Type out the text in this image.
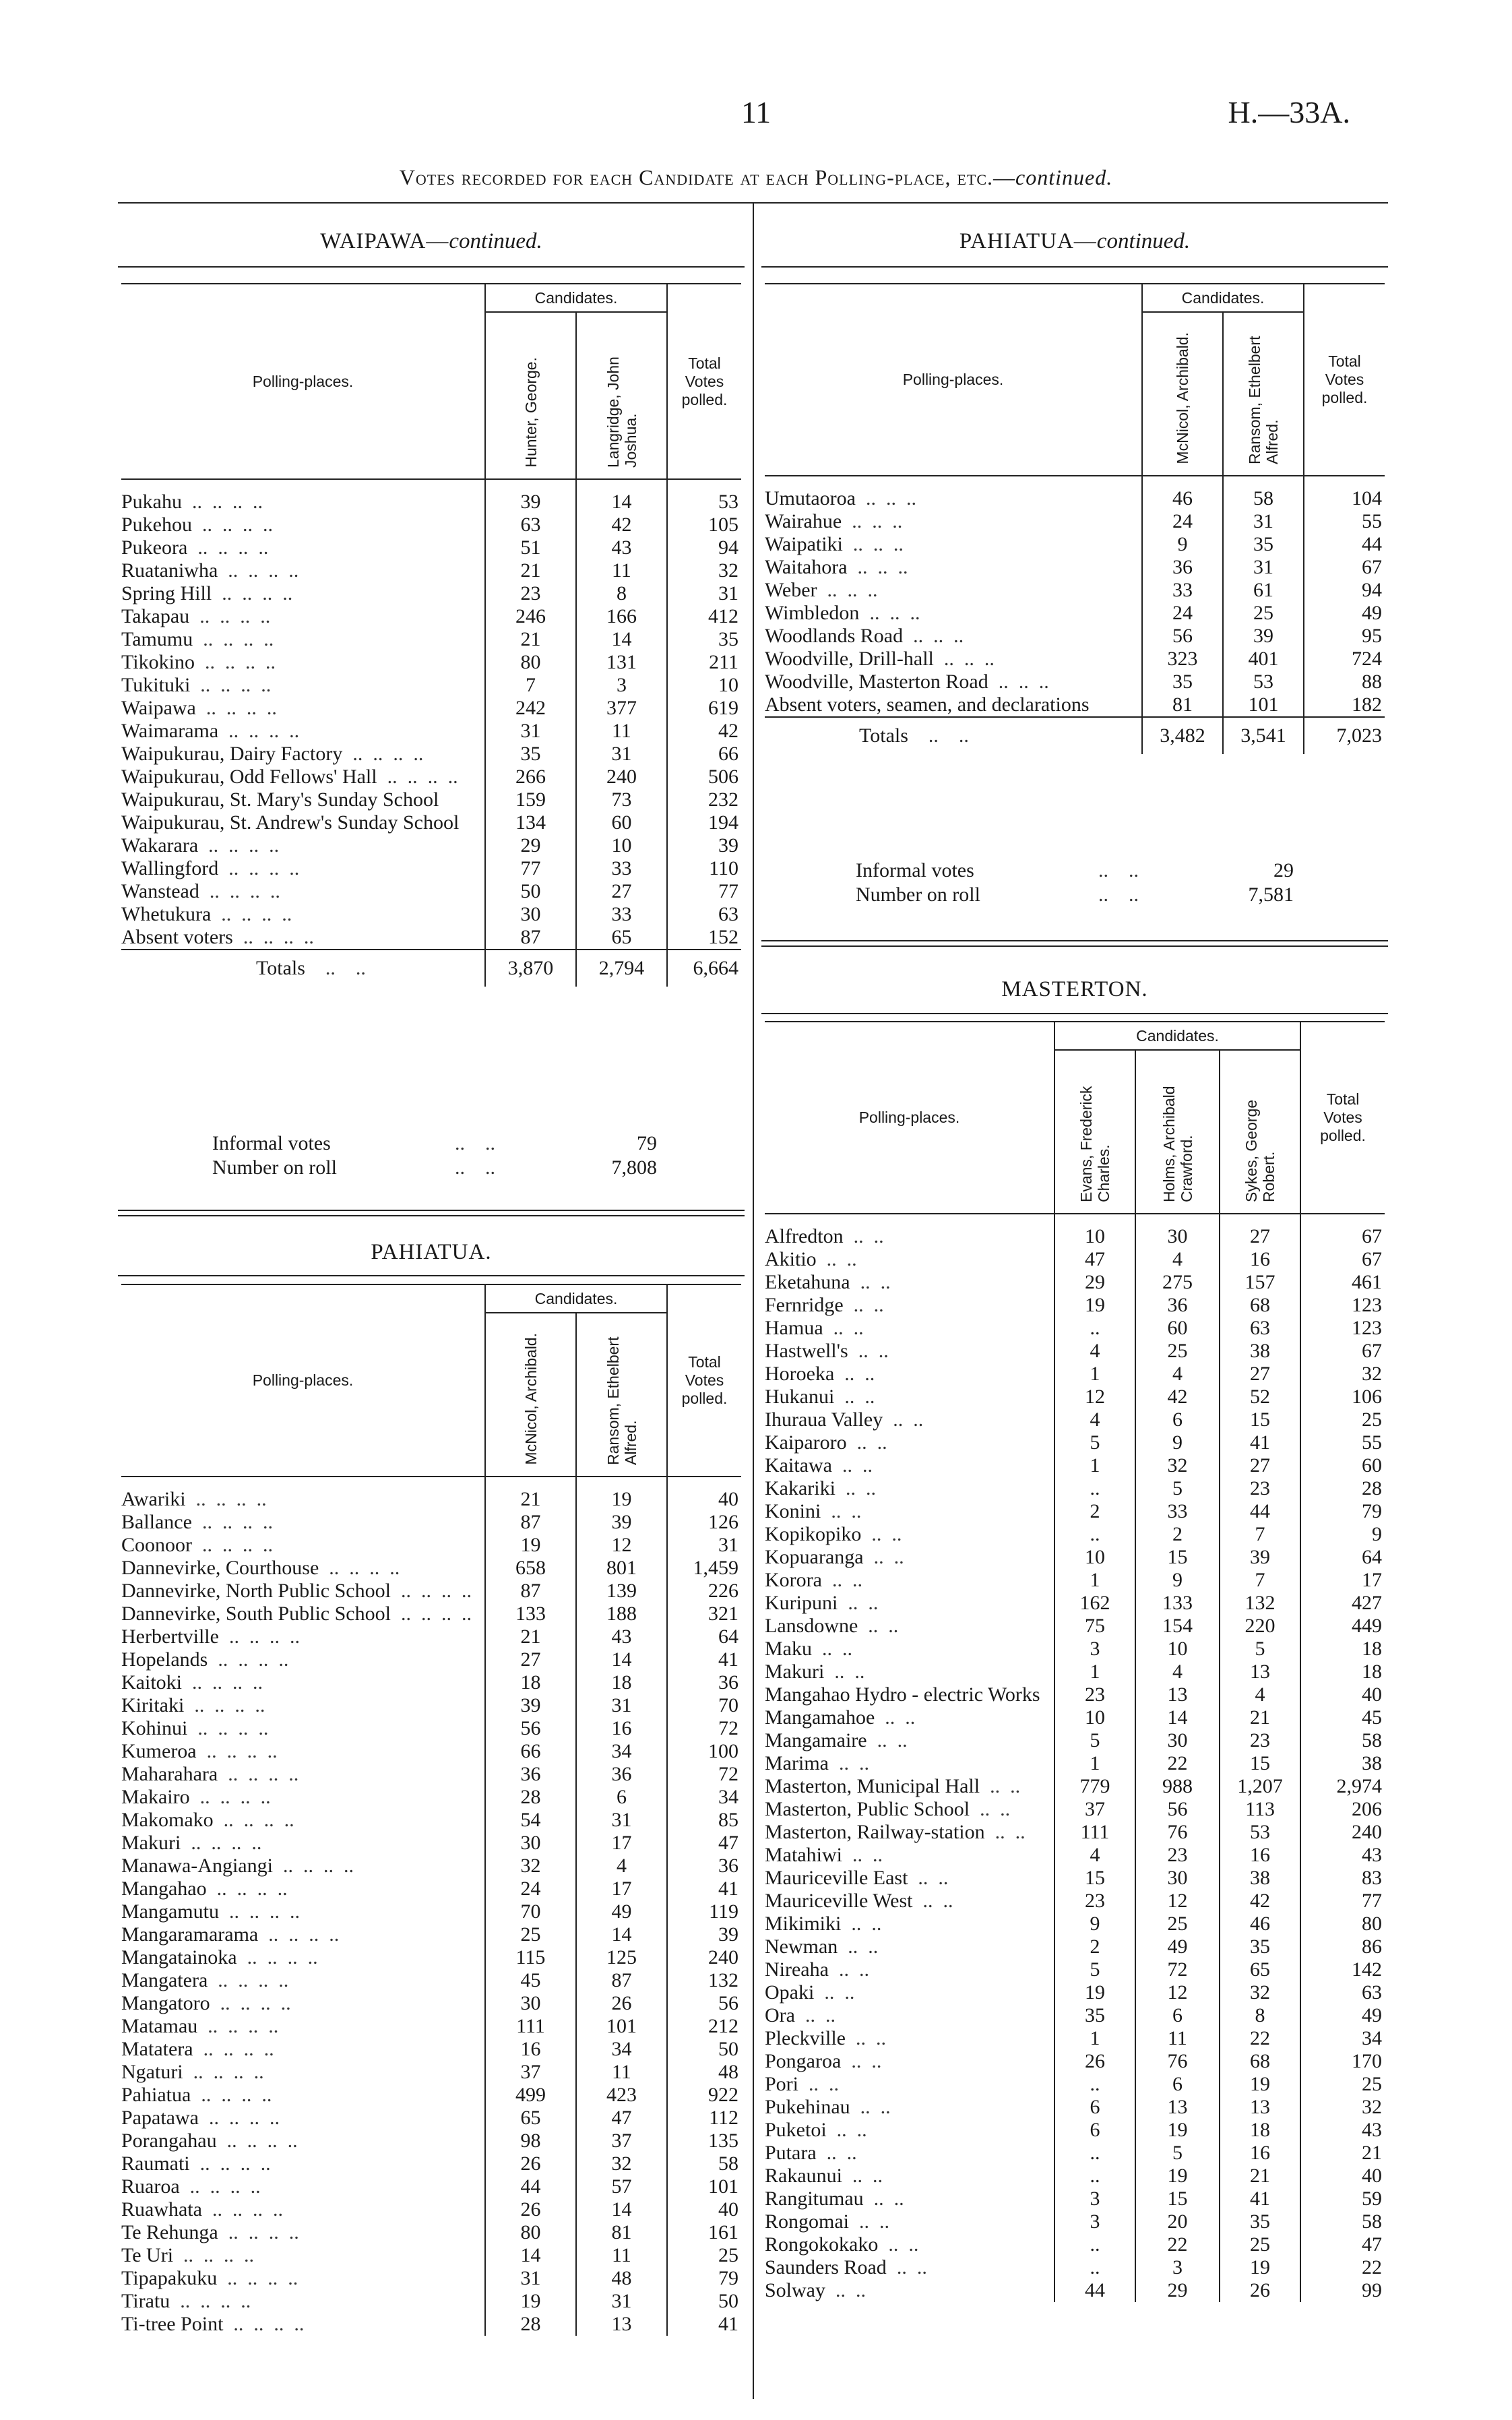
11	H.—33A.
Votes recorded for each Candidate at each Polling-place, etc.—continued.
WAIPAWA—continued.
Polling-places.	Candidates.		Total Votes polled.
	Hunter, George.	Langridge, John Joshua.	
Pukahu  ..  ..  ..  ..	39	14	53
Pukehou  ..  ..  ..  ..	63	42	105
Pukeora  ..  ..  ..  ..	51	43	94
Ruataniwha  ..  ..  ..  ..	21	11	32
Spring Hill  ..  ..  ..  ..	23	8	31
Takapau  ..  ..  ..  ..	246	166	412
Tamumu  ..  ..  ..  ..	21	14	35
Tikokino  ..  ..  ..  ..	80	131	211
Tukituki  ..  ..  ..  ..	7	3	10
Waipawa  ..  ..  ..  ..	242	377	619
Waimarama  ..  ..  ..  ..	31	11	42
Waipukurau, Dairy Factory  ..  ..  ..  ..	35	31	66
Waipukurau, Odd Fellows' Hall  ..  ..  ..  ..	266	240	506
Waipukurau, St. Mary's Sunday School	159	73	232
Waipukurau, St. Andrew's Sunday School	134	60	194
Wakarara  ..  ..  ..  ..	29	10	39
Wallingford  ..  ..  ..  ..	77	33	110
Wanstead  ..  ..  ..  ..	50	27	77
Whetukura  ..  ..  ..  ..	30	33	63
Absent voters  ..  ..  ..  ..	87	65	152
Totals    ..    ..	3,870	2,794	6,664
Informal votes	..    ..	79
Number on roll	..    ..	7,808
PAHIATUA.
Polling-places.	Candidates.		Total Votes polled.
	McNicol, Archibald.	Ransom, Ethelbert Alfred.	
Awariki  ..  ..  ..  ..	21	19	40
Ballance  ..  ..  ..  ..	87	39	126
Coonoor  ..  ..  ..  ..	19	12	31
Dannevirke, Courthouse  ..  ..  ..  ..	658	801	1,459
Dannevirke, North Public School  ..  ..  ..  ..	87	139	226
Dannevirke, South Public School  ..  ..  ..  ..	133	188	321
Herbertville  ..  ..  ..  ..	21	43	64
Hopelands  ..  ..  ..  ..	27	14	41
Kaitoki  ..  ..  ..  ..	18	18	36
Kiritaki  ..  ..  ..  ..	39	31	70
Kohinui  ..  ..  ..  ..	56	16	72
Kumeroa  ..  ..  ..  ..	66	34	100
Maharahara  ..  ..  ..  ..	36	36	72
Makairo  ..  ..  ..  ..	28	6	34
Makomako  ..  ..  ..  ..	54	31	85
Makuri  ..  ..  ..  ..	30	17	47
Manawa-Angiangi  ..  ..  ..  ..	32	4	36
Mangahao  ..  ..  ..  ..	24	17	41
Mangamutu  ..  ..  ..  ..	70	49	119
Mangaramarama  ..  ..  ..  ..	25	14	39
Mangatainoka  ..  ..  ..  ..	115	125	240
Mangatera  ..  ..  ..  ..	45	87	132
Mangatoro  ..  ..  ..  ..	30	26	56
Matamau  ..  ..  ..  ..	111	101	212
Matatera  ..  ..  ..  ..	16	34	50
Ngaturi  ..  ..  ..  ..	37	11	48
Pahiatua  ..  ..  ..  ..	499	423	922
Papatawa  ..  ..  ..  ..	65	47	112
Porangahau  ..  ..  ..  ..	98	37	135
Raumati  ..  ..  ..  ..	26	32	58
Ruaroa  ..  ..  ..  ..	44	57	101
Ruawhata  ..  ..  ..  ..	26	14	40
Te Rehunga  ..  ..  ..  ..	80	81	161
Te Uri  ..  ..  ..  ..	14	11	25
Tipapakuku  ..  ..  ..  ..	31	48	79
Tiratu  ..  ..  ..  ..	19	31	50
Ti-tree Point  ..  ..  ..  ..	28	13	41
PAHIATUA—continued.
Polling-places.	Candidates.		Total Votes polled.
	McNicol, Archibald.	Ransom, Ethelbert Alfred.	
Umutaoroa  ..  ..  ..	46	58	104
Wairahue  ..  ..  ..	24	31	55
Waipatiki  ..  ..  ..	9	35	44
Waitahora  ..  ..  ..	36	31	67
Weber  ..  ..  ..	33	61	94
Wimbledon  ..  ..  ..	24	25	49
Woodlands Road  ..  ..  ..	56	39	95
Woodville, Drill-hall  ..  ..  ..	323	401	724
Woodville, Masterton Road  ..  ..  ..	35	53	88
Absent voters, seamen, and declarations	81	101	182
Totals    ..    ..	3,482	3,541	7,023
Informal votes	..    ..	29
Number on roll	..    ..	7,581
MASTERTON.
Polling-places.	Candidates.			Total Votes polled.
	Evans, Frederick Charles.	Holms, Archibald Crawford.	Sykes, George Robert.	
Alfredton  ..  ..	10	30	27	67
Akitio  ..  ..	47	4	16	67
Eketahuna  ..  ..	29	275	157	461
Fernridge  ..  ..	19	36	68	123
Hamua  ..  ..	..	60	63	123
Hastwell's  ..  ..	4	25	38	67
Horoeka  ..  ..	1	4	27	32
Hukanui  ..  ..	12	42	52	106
Ihuraua Valley  ..  ..	4	6	15	25
Kaiparoro  ..  ..	5	9	41	55
Kaitawa  ..  ..	1	32	27	60
Kakariki  ..  ..	..	5	23	28
Konini  ..  ..	2	33	44	79
Kopikopiko  ..  ..	..	2	7	9
Kopuaranga  ..  ..	10	15	39	64
Korora  ..  ..	1	9	7	17
Kuripuni  ..  ..	162	133	132	427
Lansdowne  ..  ..	75	154	220	449
Maku  ..  ..	3	10	5	18
Makuri  ..  ..	1	4	13	18
Mangahao Hydro - electric Works	23	13	4	40
Mangamahoe  ..  ..	10	14	21	45
Mangamaire  ..  ..	5	30	23	58
Marima  ..  ..	1	22	15	38
Masterton, Municipal Hall  ..  ..	779	988	1,207	2,974
Masterton, Public School  ..  ..	37	56	113	206
Masterton, Railway-station  ..  ..	111	76	53	240
Matahiwi  ..  ..	4	23	16	43
Mauriceville East  ..  ..	15	30	38	83
Mauriceville West  ..  ..	23	12	42	77
Mikimiki  ..  ..	9	25	46	80
Newman  ..  ..	2	49	35	86
Nireaha  ..  ..	5	72	65	142
Opaki  ..  ..	19	12	32	63
Ora  ..  ..	35	6	8	49
Pleckville  ..  ..	1	11	22	34
Pongaroa  ..  ..	26	76	68	170
Pori  ..  ..	..	6	19	25
Pukehinau  ..  ..	6	13	13	32
Puketoi  ..  ..	6	19	18	43
Putara  ..  ..	..	5	16	21
Rakaunui  ..  ..	..	19	21	40
Rangitumau  ..  ..	3	15	41	59
Rongomai  ..  ..	3	20	35	58
Rongokokako  ..  ..	..	22	25	47
Saunders Road  ..  ..	..	3	19	22
Solway  ..  ..	44	29	26	99
